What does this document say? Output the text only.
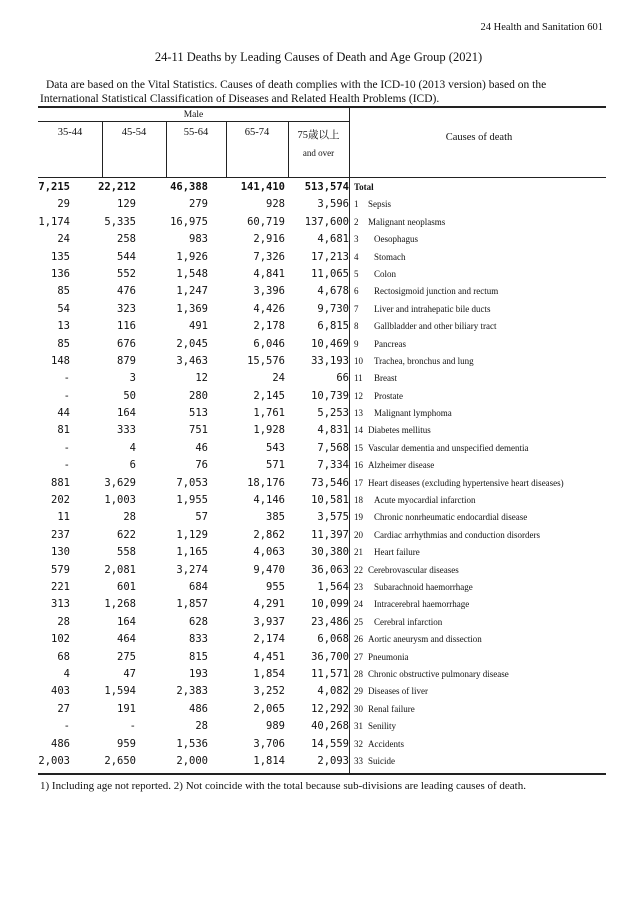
24 Health and Sanitation 601
24-11 Deaths by Leading Causes of Death and Age Group (2021)
Data are based on the Vital Statistics. Causes of death complies with the ICD-10 (2013 version) based on the International Statistical Classification of Diseases and Related Health Problems (ICD).
Male
35-44	45-54	55-64	65-74	75歳以上
and over
Causes of death
7,215	22,212	46,388	141,410 513,574 Total
29	129	279	928	3,596 1 Sepsis
1,174	5,335	16,975	60,719 137,600 2 Malignant neoplasms
24	258	983	2,916	4,681 3 Oesophagus
135	544	1,926	7,326 17,213 4 Stomach
136	552	1,548	4,841 11,065 5 Colon
85	476	1,247	3,396	4,678 6 Rectosigmoid junction and rectum
54	323	1,369	4,426	9,730 7 Liver and intrahepatic bile ducts
13	116	491	2,178	6,815 8 Gallbladder and other biliary tract
85	676	2,045	6,046 10,469 9 Pancreas
148	879	3,463	15,576 33,193 10 Trachea, bronchus and lung
-	3	12	24	66 11 Breast
-	50	280	2,145 10,739 12 Prostate
44	164	513	1,761	5,253 13 Malignant lymphoma
81	333	751	1,928	4,831 14 Diabetes mellitus
-	4	46	543	7,568 15 Vascular dementia and unspecified dementia
-	6	76	571	7,334 16 Alzheimer disease
881	3,629	7,053	18,176 73,546 17 Heart diseases (excluding hypertensive heart diseases)
202	1,003	1,955	4,146 10,581 18 Acute myocardial infarction
11	28	57	385	3,575 19 Chronic nonrheumatic endocardial disease
237	622	1,129	2,862 11,397 20 Cardiac arrhythmias and conduction disorders
130	558	1,165	4,063 30,380 21 Heart failure
579	2,081	3,274	9,470 36,063 22 Cerebrovascular diseases
221	601	684	955	1,564 23 Subarachnoid haemorrhage
313	1,268	1,857	4,291 10,099 24 Intracerebral haemorrhage
28	164	628	3,937 23,486 25 Cerebral infarction
102	464	833	2,174	6,068 26 Aortic aneurysm and dissection
68	275	815	4,451 36,700 27 Pneumonia
4	47	193	1,854 11,571 28 Chronic obstructive pulmonary disease
403	1,594	2,383	3,252	4,082 29 Diseases of liver
27	191	486	2,065 12,292 30 Renal failure
-	-	28	989 40,268 31 Senility
486	959	1,536	3,706 14,559 32 Accidents
2,003	2,650	2,000	1,814	2,093 33 Suicide
1) Including age not reported. 2) Not coincide with the total because sub-divisions are leading causes of death.
